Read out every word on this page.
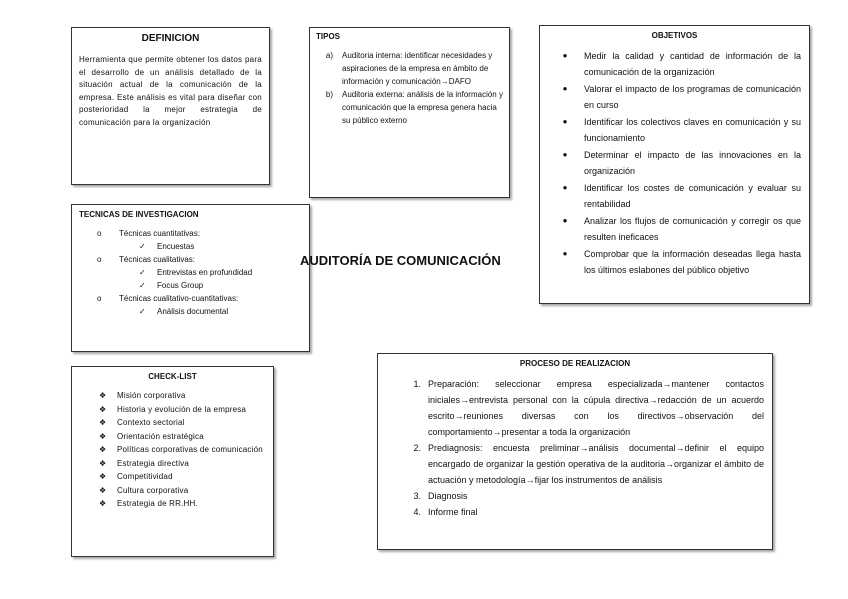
DEFINICION

Herramienta que permite obtener los datos para el desarrollo de un análisis detallado de la situación actual de la comunicación de la empresa. Este análisis es vital para diseñar con posterioridad la mejor estrategia de comunicación para la organización

TIPOS
a)	Auditoria interna: identificar necesidades y aspiraciones de la empresa en ámbito de información y comunicación→DAFO
b)	Auditoria externa: análisis de la información y comunicación que la empresa genera hacia su público externo
OBJETIVOS
●	Medir la calidad y cantidad de información de la comunicación de la organización
●	Valorar el impacto de los programas de comunicación en curso
●	Identificar los colectivos claves en comunicación y su funcionamiento
●	Determinar el impacto de las innovaciones en la organización
●	Identificar los costes de comunicación y evaluar su rentabilidad
●	Analizar los flujos de comunicación y corregir os que resulten ineficaces
●	Comprobar que la información deseadas llega hasta los últimos eslabones del público objetivo
TECNICAS DE INVESTIGACION
o	Técnicas cuantitativas:
✓	Encuestas
o	Técnicas cualitativas:
✓	Entrevistas en profundidad
✓	Focus Group
o	Técnicas cualitativo-cuantitativas:
✓	Análisis documental
AUDITORÍA DE COMUNICACIÓN
CHECK-LIST
❖	Misión corporativa
❖	Historia y evolución de la empresa
❖	Contexto sectorial
❖	Orientación estratégica
❖	Políticas corporativas de comunicación
❖	Estrategia directiva
❖	Competitividad
❖	Cultura corporativa
❖	Estrategia de RR.HH.
PROCESO DE REALIZACION
1. Preparación: seleccionar empresa especializada→mantener contactos iniciales→entrevista personal con la cúpula directiva→redacción de un acuerdo escrito→reuniones diversas con los directivos→observación del comportamiento→presentar a toda la organización
2. Prediagnosis: encuesta preliminar→análisis documental→definir el equipo encargado de organizar la gestión operativa de la auditoria→organizar el ámbito de actuación y metodología→fijar los instrumentos de análisis
3. Diagnosis
4. Informe final
